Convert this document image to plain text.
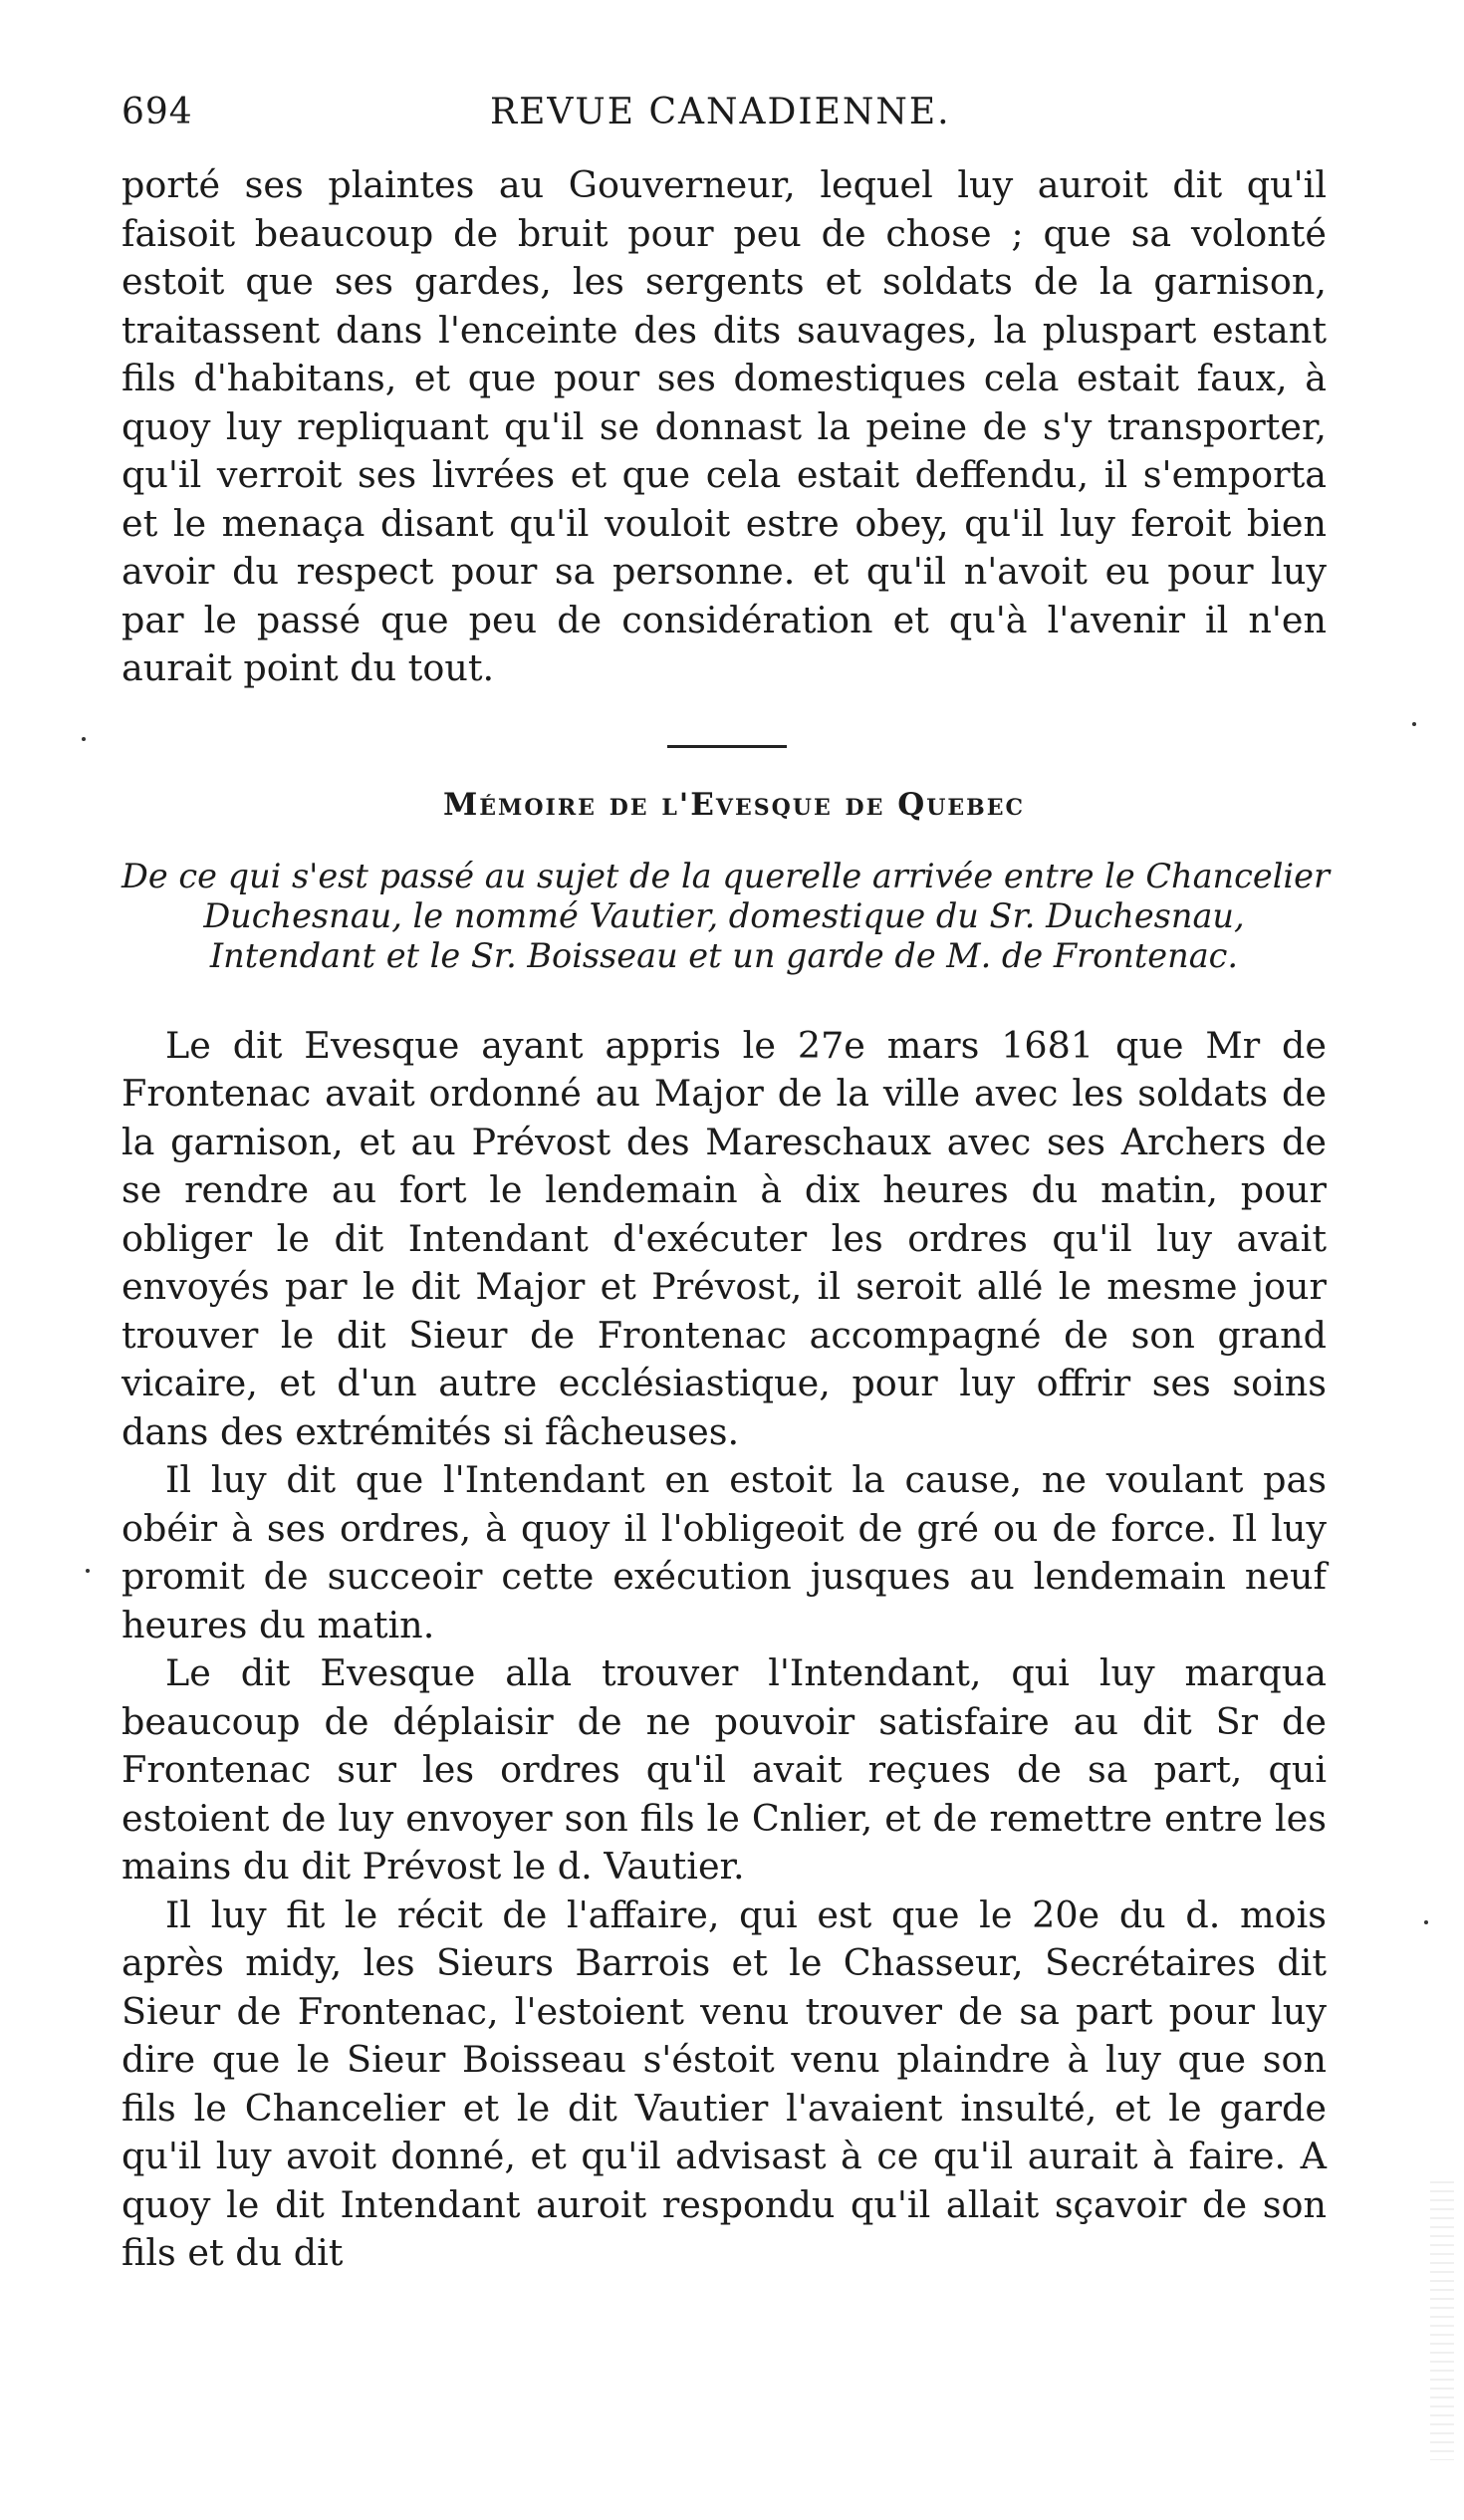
694	REVUE CANADIENNE.

porté ses plaintes au Gouverneur, lequel luy auroit dit qu'il faisoit beaucoup de bruit pour peu de chose ; que sa volonté estoit que ses gardes, les sergents et soldats de la garnison, traitassent dans l'enceinte des dits sauvages, la pluspart estant fils d'habitans, et que pour ses domestiques cela estait faux, à quoy luy repliquant qu'il se donnast la peine de s'y transporter, qu'il verroit ses livrées et que cela estait deffendu, il s'emporta et le menaça disant qu'il vouloit estre obey, qu'il luy feroit bien avoir du respect pour sa personne. et qu'il n'avoit eu pour luy par le passé que peu de considération et qu'à l'avenir il n'en aurait point du tout.

Mémoire de l'Evesque de Quebec
De ce qui s'est passé au sujet de la querelle arrivée entre le Chancelier
Duchesnau, le nommé Vautier, domestique du Sr. Duchesnau,
Intendant et le Sr. Boisseau et un garde de M. de Frontenac.

Le dit Evesque ayant appris le 27e mars 1681 que Mr de Frontenac avait ordonné au Major de la ville avec les soldats de la garnison, et au Prévost des Mareschaux avec ses Archers de se rendre au fort le lendemain à dix heures du matin, pour obliger le dit Intendant d'exécuter les ordres qu'il luy avait envoyés par le dit Major et Prévost, il seroit allé le mesme jour trouver le dit Sieur de Frontenac accompagné de son grand vicaire, et d'un autre ecclésiastique, pour luy offrir ses soins dans des extrémités si fâcheuses.

Il luy dit que l'Intendant en estoit la cause, ne voulant pas obéir à ses ordres, à quoy il l'obligeoit de gré ou de force. Il luy promit de succeoir cette exécution jusques au lendemain neuf heures du matin.

Le dit Evesque alla trouver l'Intendant, qui luy marqua beaucoup de déplaisir de ne pouvoir satisfaire au dit Sr de Frontenac sur les ordres qu'il avait reçues de sa part, qui estoient de luy envoyer son fils le Cnlier, et de remettre entre les mains du dit Prévost le d. Vautier.

Il luy fit le récit de l'affaire, qui est que le 20e du d. mois après midy, les Sieurs Barrois et le Chasseur, Secrétaires dit Sieur de Frontenac, l'estoient venu trouver de sa part pour luy dire que le Sieur Boisseau s'éstoit venu plaindre à luy que son fils le Chancelier et le dit Vautier l'avaient insulté, et le garde qu'il luy avoit donné, et qu'il advisast à ce qu'il aurait à faire. A quoy le dit Intendant auroit respondu qu'il allait sçavoir de son fils et du dit
